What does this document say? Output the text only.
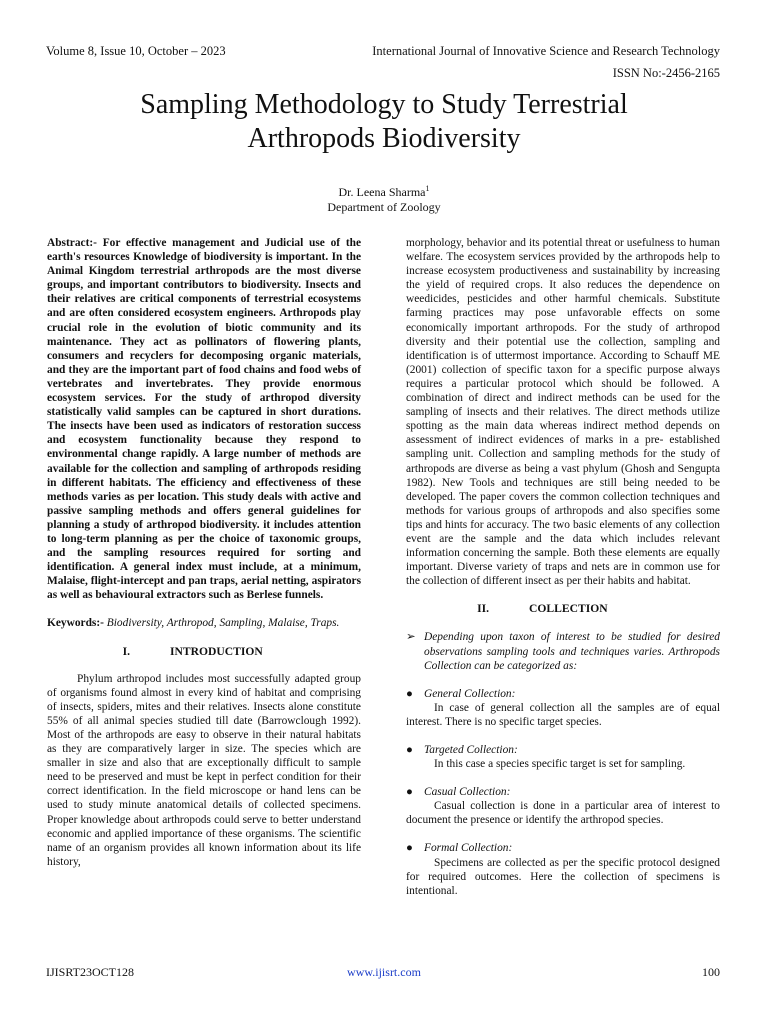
Volume 8, Issue 10, October – 2023	International Journal of Innovative Science and Research Technology
ISSN No:-2456-2165
Sampling Methodology to Study Terrestrial
Arthropods Biodiversity
Dr. Leena Sharma$^1$
Department of Zoology

Abstract:- For effective management and Judicial use of the earth's resources Knowledge of biodiversity is important. In the Animal Kingdom terrestrial arthropods are the most diverse groups, and important contributors to biodiversity. Insects and their relatives are critical components of terrestrial ecosystems and are often considered ecosystem engineers. Arthropods play crucial role in the evolution of biotic community and its maintenance. They act as pollinators of flowering plants, consumers and recyclers for decomposing organic materials, and they are the important part of food chains and food webs of vertebrates and invertebrates. They provide enormous ecosystem services. For the study of arthropod diversity statistically valid samples can be captured in short durations. The insects have been used as indicators of restoration success and ecosystem functionality because they respond to environmental change rapidly. A large number of methods are available for the collection and sampling of arthropods residing in different habitats. The efficiency and effectiveness of these methods varies as per location. This study deals with active and passive sampling methods and offers general guidelines for planning a study of arthropod biodiversity. it includes attention to long-term planning as per the choice of taxonomic groups, and the sampling resources required for sorting and identification. A general index must include, at a minimum, Malaise, flight-intercept and pan traps, aerial netting, aspirators as well as behavioural extractors such as Berlese funnels.

Keywords:- Biodiversity, Arthropod, Sampling, Malaise, Traps.

I.	INTRODUCTION

Phylum arthropod includes most successfully adapted group of organisms found almost in every kind of habitat and comprising of insects, spiders, mites and their relatives. Insects alone constitute 55% of all animal species studied till date (Barrowclough 1992). Most of the arthropods are easy to observe in their natural habitats as they are comparatively larger in size. The species which are smaller in size and also that are exceptionally difficult to sample need to be preserved and must be kept in perfect condition for their correct identification. In the field microscope or hand lens can be used to study minute anatomical details of collected specimens. Proper knowledge about arthropods could serve to better understand economic and applied importance of these organisms. The scientific name of an organism provides all known information about its life history,

morphology, behavior and its potential threat or usefulness to human welfare. The ecosystem services provided by the arthropods help to increase ecosystem productiveness and sustainability by increasing the yield of required crops. It also reduces the dependence on weedicides, pesticides and other harmful chemicals. Substitute farming practices may pose unfavorable effects on some economically important arthropods. For the study of arthropod diversity and their potential use the collection, sampling and identification is of uttermost importance. According to Schauff ME (2001) collection of specific taxon for a specific purpose always requires a particular protocol which should be followed. A combination of direct and indirect methods can be used for the sampling of insects and their relatives. The direct methods utilize spotting as the main data whereas indirect method depends on assessment of indirect evidences of marks in a pre- established sampling unit. Collection and sampling methods for the study of arthropods are diverse as being a vast phylum (Ghosh and Sengupta 1982). New Tools and techniques are still being needed to be developed. The paper covers the common collection techniques and methods for various groups of arthropods and also specifies some tips and hints for accuracy. The two basic elements of any collection event are the sample and the data which includes relevant information concerning the sample. Both these elements are equally important. Diverse variety of traps and nets are in common use for the collection of different insect as per their habits and habitat.

II.	COLLECTION
➢ Depending upon taxon of interest to be studied for desired observations sampling tools and techniques varies. Arthropods Collection can be categorized as:
● General Collection:
In case of general collection all the samples are of equal interest. There is no specific target species.
● Targeted Collection:
In this case a species specific target is set for sampling.
● Casual Collection:
Casual collection is done in a particular area of interest to document the presence or identify the arthropod species.
● Formal Collection:
Specimens are collected as per the specific protocol designed for required outcomes. Here the collection of specimens is intentional.
IJISRT23OCT128	www.ijisrt.com	100
